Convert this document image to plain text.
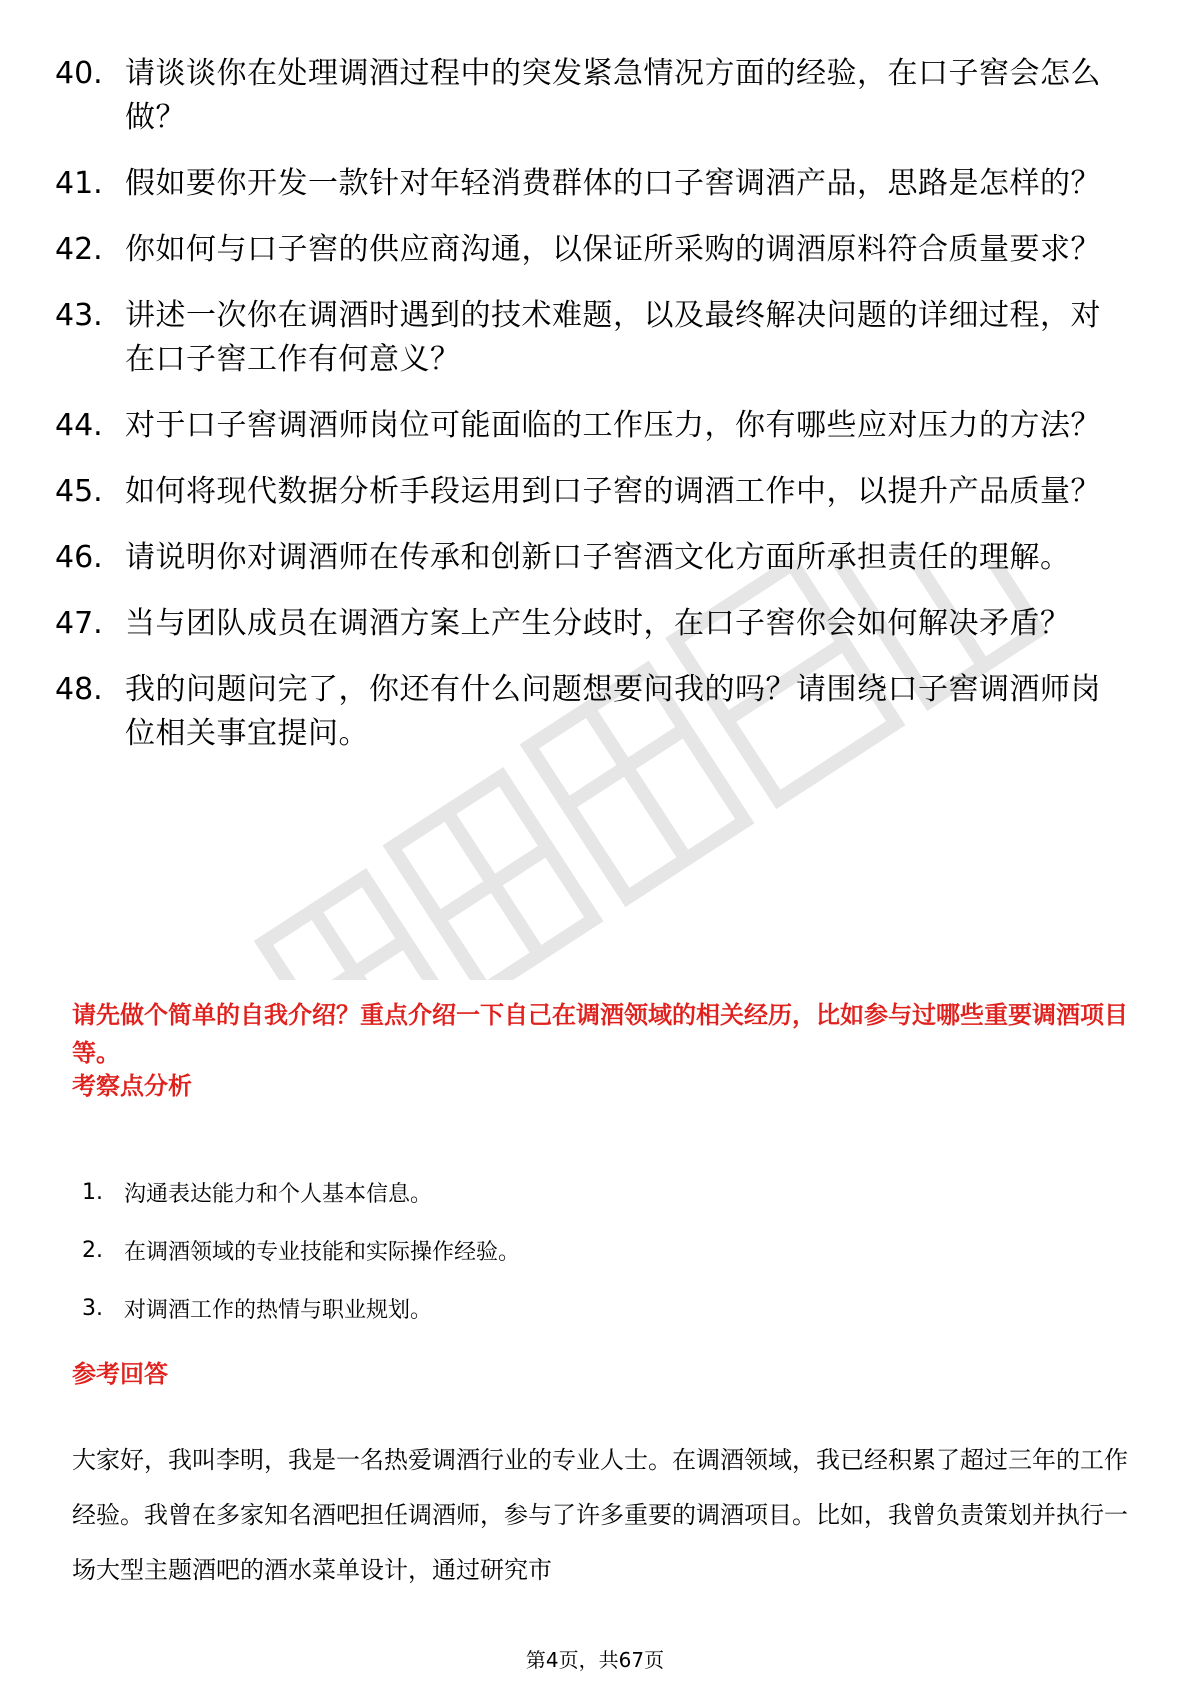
40. 请谈谈你在处理调酒过程中的突发紧急情况方面的经验，在口子窖会怎么做？
41. 假如要你开发一款针对年轻消费群体的口子窖调酒产品，思路是怎样的？
42. 你如何与口子窖的供应商沟通，以保证所采购的调酒原料符合质量要求？
43. 讲述一次你在调酒时遇到的技术难题，以及最终解决问题的详细过程，对在口子窖工作有何意义？
44. 对于口子窖调酒师岗位可能面临的工作压力，你有哪些应对压力的方法？
45. 如何将现代数据分析手段运用到口子窖的调酒工作中，以提升产品质量？
46. 请说明你对调酒师在传承和创新口子窖酒文化方面所承担责任的理解。
47. 当与团队成员在调酒方案上产生分歧时，在口子窖你会如何解决矛盾？
48. 我的问题问完了，你还有什么问题想要问我的吗？请围绕口子窖调酒师岗位相关事宜提问。
请先做个简单的自我介绍？重点介绍一下自己在调酒领域的相关经历，比如参与过哪些重要调酒项目等。
考察点分析
1. 沟通表达能力和个人基本信息。
2. 在调酒领域的专业技能和实际操作经验。
3. 对调酒工作的热情与职业规划。
参考回答
大家好，我叫李明，我是一名热爱调酒行业的专业人士。在调酒领域，我已经积累了超过三年的工作经验。我曾在多家知名酒吧担任调酒师，参与了许多重要的调酒项目。比如，我曾负责策划并执行一场大型主题酒吧的酒水菜单设计，通过研究市
第4页，共67页
